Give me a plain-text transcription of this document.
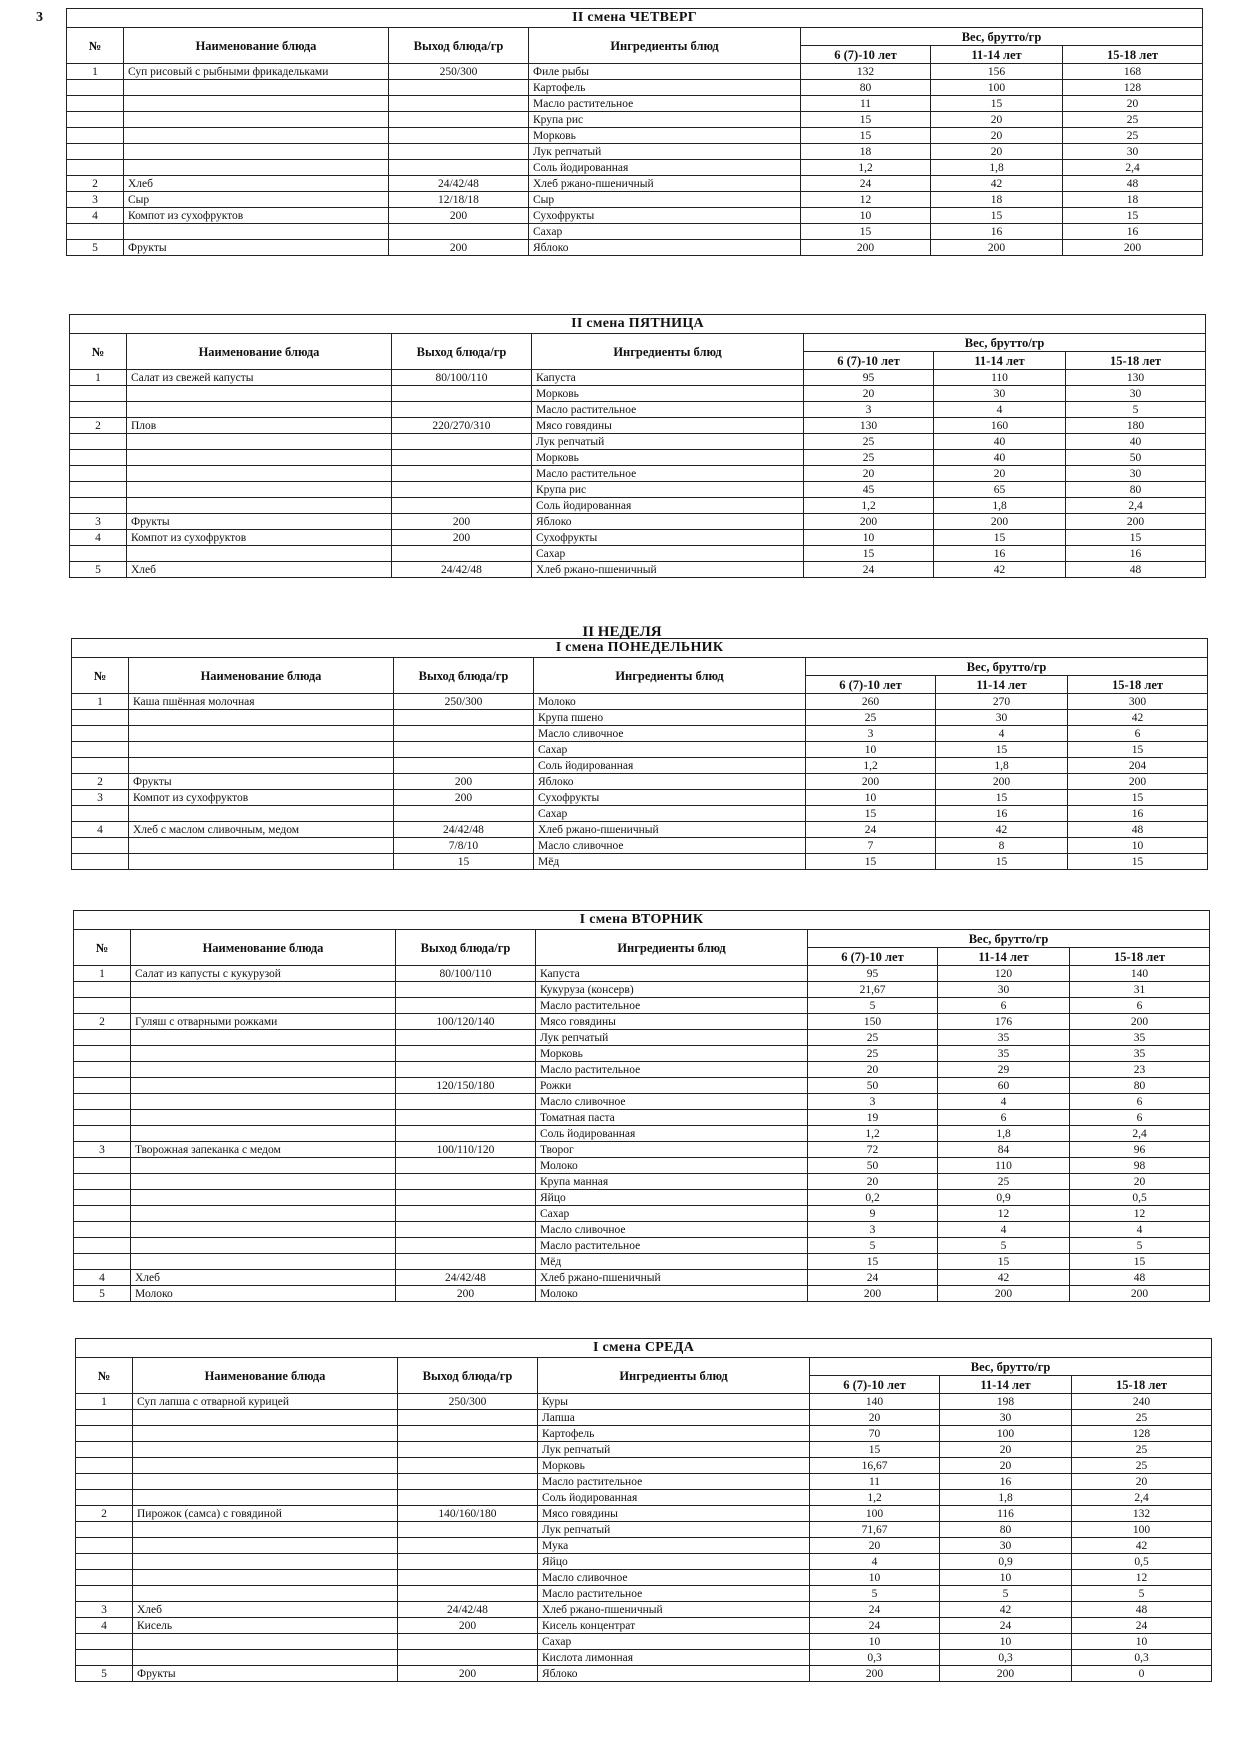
3
II НЕДЕЛЯ
II смена ЧЕТВЕРГ						
№	Наименование блюда	Выход блюда/гр	Ингредиенты блюд	Вес, брутто/гр		
				6 (7)-10 лет	11-14 лет	15-18 лет
1	Суп рисовый с рыбными фрикадельками	250/300	Филе рыбы	132	156	168
			Картофель	80	100	128
			Масло растительное	11	15	20
			Крупа рис	15	20	25
			Морковь	15	20	25
			Лук репчатый	18	20	30
			Соль йодированная	1,2	1,8	2,4
2	Хлеб	24/42/48	Хлеб ржано-пшеничный	24	42	48
3	Сыр	12/18/18	Сыр	12	18	18
4	Компот из сухофруктов	200	Сухофрукты	10	15	15
			Сахар	15	16	16
5	Фрукты	200	Яблоко	200	200	200
II смена ПЯТНИЦА						
№	Наименование блюда	Выход блюда/гр	Ингредиенты блюд	Вес, брутто/гр		
				6 (7)-10 лет	11-14 лет	15-18 лет
1	Салат из свежей капусты	80/100/110	Капуста	95	110	130
			Морковь	20	30	30
			Масло растительное	3	4	5
2	Плов	220/270/310	Мясо говядины	130	160	180
			Лук репчатый	25	40	40
			Морковь	25	40	50
			Масло растительное	20	20	30
			Крупа рис	45	65	80
			Соль йодированная	1,2	1,8	2,4
3	Фрукты	200	Яблоко	200	200	200
4	Компот из сухофруктов	200	Сухофрукты	10	15	15
			Сахар	15	16	16
5	Хлеб	24/42/48	Хлеб ржано-пшеничный	24	42	48
I смена ПОНЕДЕЛЬНИК						
№	Наименование блюда	Выход блюда/гр	Ингредиенты блюд	Вес, брутто/гр		
				6 (7)-10 лет	11-14 лет	15-18 лет
1	Каша пшённая молочная	250/300	Молоко	260	270	300
			Крупа пшено	25	30	42
			Масло сливочное	3	4	6
			Сахар	10	15	15
			Соль йодированная	1,2	1,8	204
2	Фрукты	200	Яблоко	200	200	200
3	Компот из сухофруктов	200	Сухофрукты	10	15	15
			Сахар	15	16	16
4	Хлеб с маслом сливочным, медом	24/42/48	Хлеб ржано-пшеничный	24	42	48
		7/8/10	Масло сливочное	7	8	10
		15	Мёд	15	15	15
I смена ВТОРНИК						
№	Наименование блюда	Выход блюда/гр	Ингредиенты блюд	Вес, брутто/гр		
				6 (7)-10 лет	11-14 лет	15-18 лет
1	Салат из капусты с кукурузой	80/100/110	Капуста	95	120	140
			Кукуруза (консерв)	21,67	30	31
			Масло растительное	5	6	6
2	Гуляш с отварными рожками	100/120/140	Мясо говядины	150	176	200
			Лук репчатый	25	35	35
			Морковь	25	35	35
			Масло растительное	20	29	23
		120/150/180	Рожки	50	60	80
			Масло сливочное	3	4	6
			Томатная паста	19	6	6
			Соль йодированная	1,2	1,8	2,4
3	Творожная запеканка с медом	100/110/120	Творог	72	84	96
			Молоко	50	110	98
			Крупа манная	20	25	20
			Яйцо	0,2	0,9	0,5
			Сахар	9	12	12
			Масло сливочное	3	4	4
			Масло растительное	5	5	5
			Мёд	15	15	15
4	Хлеб	24/42/48	Хлеб ржано-пшеничный	24	42	48
5	Молоко	200	Молоко	200	200	200
I смена СРЕДА						
№	Наименование блюда	Выход блюда/гр	Ингредиенты блюд	Вес, брутто/гр		
				6 (7)-10 лет	11-14 лет	15-18 лет
1	Суп лапша с отварной курицей	250/300	Куры	140	198	240
			Лапша	20	30	25
			Картофель	70	100	128
			Лук репчатый	15	20	25
			Морковь	16,67	20	25
			Масло растительное	11	16	20
			Соль йодированная	1,2	1,8	2,4
2	Пирожок (самса) с говядиной	140/160/180	Мясо говядины	100	116	132
			Лук репчатый	71,67	80	100
			Мука	20	30	42
			Яйцо	4	0,9	0,5
			Масло сливочное	10	10	12
			Масло растительное	5	5	5
3	Хлеб	24/42/48	Хлеб ржано-пшеничный	24	42	48
4	Кисель	200	Кисель концентрат	24	24	24
			Сахар	10	10	10
			Кислота лимонная	0,3	0,3	0,3
5	Фрукты	200	Яблоко	200	200	0
